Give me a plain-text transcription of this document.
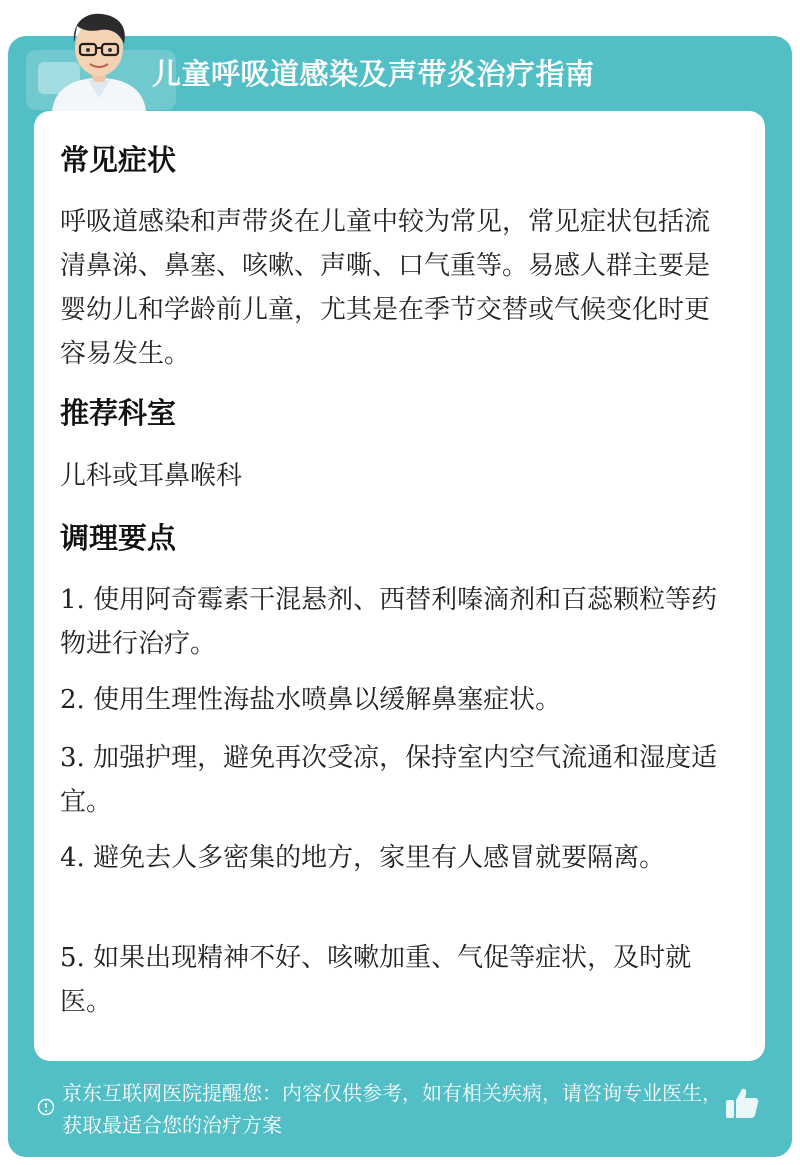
儿童呼吸道感染及声带炎治疗指南
常见症状
呼吸道感染和声带炎在儿童中较为常见，常见症状包括流清鼻涕、鼻塞、咳嗽、声嘶、口气重等。易感人群主要是婴幼儿和学龄前儿童，尤其是在季节交替或气候变化时更容易发生。
推荐科室
儿科或耳鼻喉科
调理要点
1. 使用阿奇霉素干混悬剂、西替利嗪滴剂和百蕊颗粒等药物进行治疗。
2. 使用生理性海盐水喷鼻以缓解鼻塞症状。
3. 加强护理，避免再次受凉，保持室内空气流通和湿度适宜。
4. 避免去人多密集的地方，家里有人感冒就要隔离。
5. 如果出现精神不好、咳嗽加重、气促等症状，及时就医。
京东互联网医院提醒您：内容仅供参考，如有相关疾病，请咨询专业医生，获取最适合您的治疗方案
